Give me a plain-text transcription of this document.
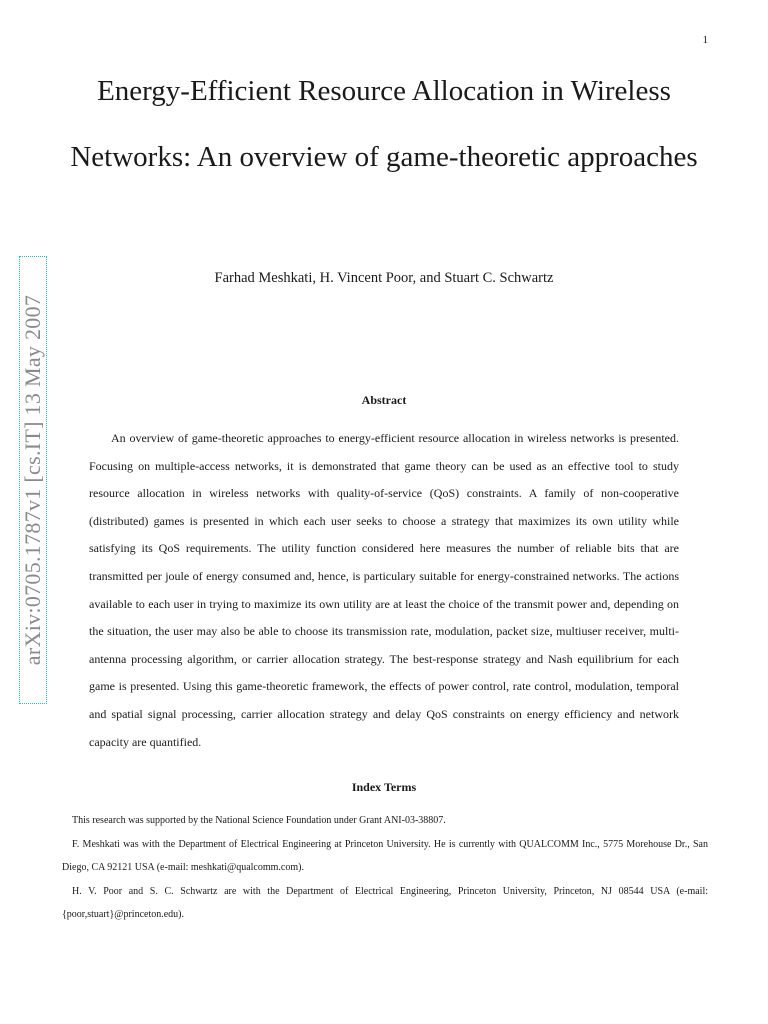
1
Energy-Efficient Resource Allocation in Wireless Networks: An overview of game-theoretic approaches
Farhad Meshkati, H. Vincent Poor, and Stuart C. Schwartz
arXiv:0705.1787v1 [cs.IT] 13 May 2007	Abstract

An overview of game-theoretic approaches to energy-efficient resource allocation in wireless networks is presented. Focusing on multiple-access networks, it is demonstrated that game theory can be used as an effective tool to study resource allocation in wireless networks with quality-of-service (QoS) constraints. A family of non-cooperative (distributed) games is presented in which each user seeks to choose a strategy that maximizes its own utility while satisfying its QoS requirements. The utility function considered here measures the number of reliable bits that are transmitted per joule of energy consumed and, hence, is particulary suitable for energy-constrained networks. The actions available to each user in trying to maximize its own utility are at least the choice of the transmit power and, depending on the situation, the user may also be able to choose its transmission rate, modulation, packet size, multiuser receiver, multi-antenna processing algorithm, or carrier allocation strategy. The best-response strategy and Nash equilibrium for each game is presented. Using this game-theoretic framework, the effects of power control, rate control, modulation, temporal and spatial signal processing, carrier allocation strategy and delay QoS constraints on energy efficiency and network capacity are quantified.

Index Terms

This research was supported by the National Science Foundation under Grant ANI-03-38807.

F. Meshkati was with the Department of Electrical Engineering at Princeton University. He is currently with QUALCOMM Inc., 5775 Morehouse Dr., San Diego, CA 92121 USA (e-mail: meshkati@qualcomm.com).

H. V. Poor and S. C. Schwartz are with the Department of Electrical Engineering, Princeton University, Princeton, NJ 08544 USA (e-mail: {poor,stuart}@princeton.edu).
